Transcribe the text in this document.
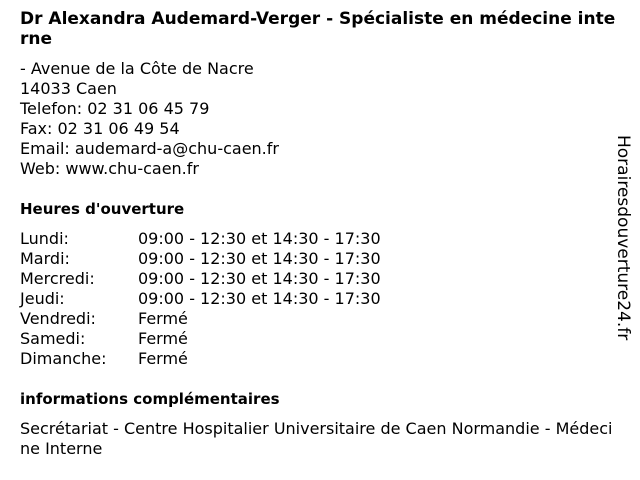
Dr Alexandra Audemard-Verger - Spécialiste en médecine interne
- Avenue de la Côte de Nacre
14033 Caen
Telefon: 02 31 06 45 79
Fax: 02 31 06 49 54
Email: audemard-a@chu-caen.fr
Web: www.chu-caen.fr
Heures d'ouverture
Lundi:	09:00 - 12:30 et 14:30 - 17:30
Mardi:	09:00 - 12:30 et 14:30 - 17:30
Mercredi:	09:00 - 12:30 et 14:30 - 17:30
Jeudi:	09:00 - 12:30 et 14:30 - 17:30
Vendredi:	Fermé
Samedi:	Fermé
Dimanche:	Fermé
informations complémentaires
Secrétariat - Centre Hospitalier Universitaire de Caen Normandie - Médecine Interne
Horairesdouverture24.fr
